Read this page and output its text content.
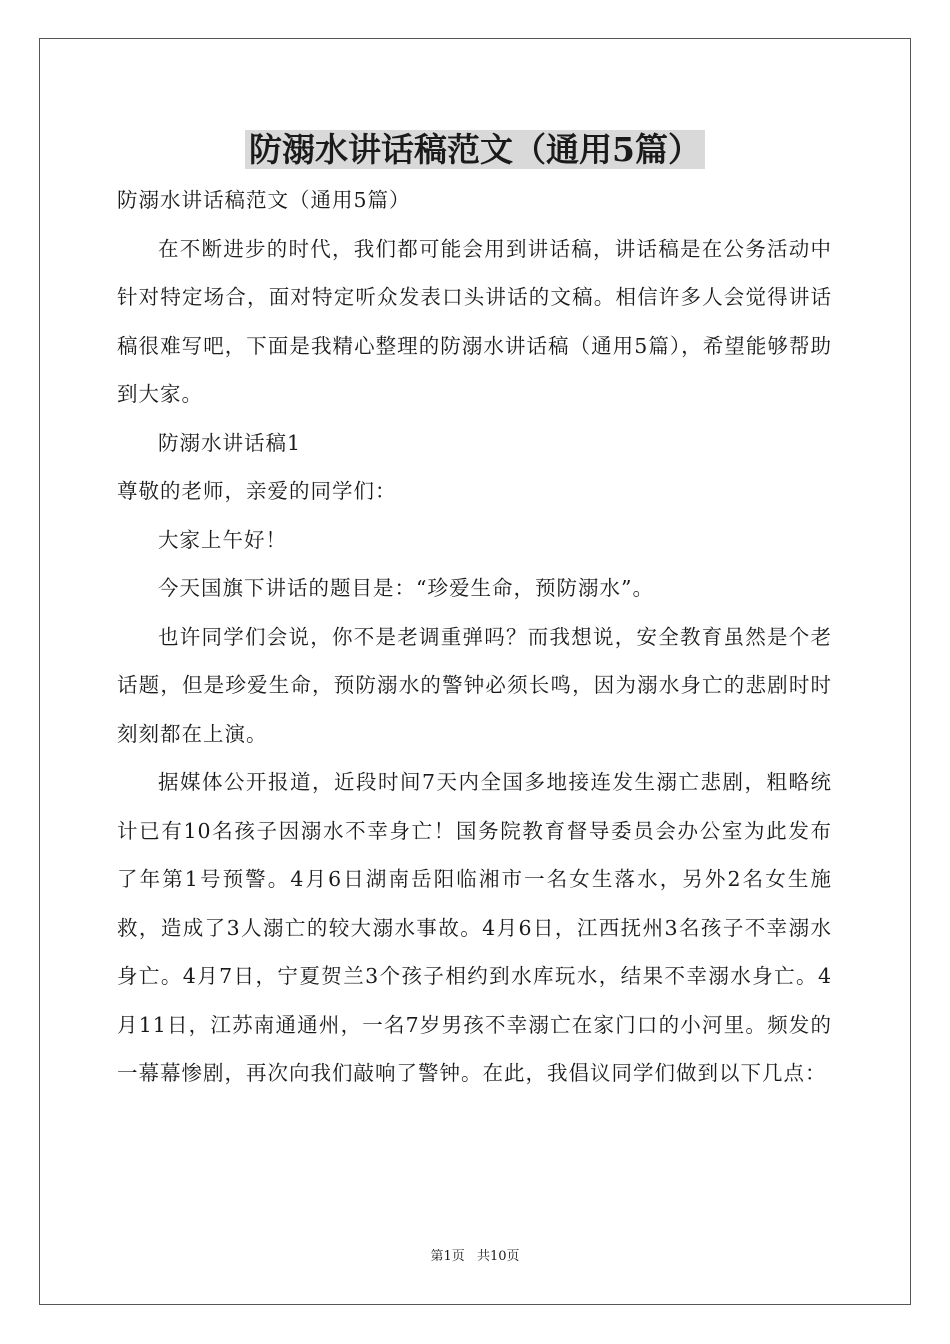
防溺水讲话稿范文（通用5篇）

防溺水讲话稿范文（通用5篇）

在不断进步的时代，我们都可能会用到讲话稿，讲话稿是在公务活动中针对特定场合，面对特定听众发表口头讲话的文稿。相信许多人会觉得讲话稿很难写吧，下面是我精心整理的防溺水讲话稿（通用5篇），希望能够帮助到大家。

防溺水讲话稿1

尊敬的老师，亲爱的同学们：

大家上午好！

今天国旗下讲话的题目是：“珍爱生命，预防溺水”。

也许同学们会说，你不是老调重弹吗？而我想说，安全教育虽然是个老话题，但是珍爱生命，预防溺水的警钟必须长鸣，因为溺水身亡的悲剧时时刻刻都在上演。

据媒体公开报道，近段时间7天内全国多地接连发生溺亡悲剧，粗略统计已有10名孩子因溺水不幸身亡！国务院教育督导委员会办公室为此发布了年第1号预警。4月6日湖南岳阳临湘市一名女生落水，另外2名女生施救，造成了3人溺亡的较大溺水事故。4月6日，江西抚州3名孩子不幸溺水身亡。4月7日，宁夏贺兰3个孩子相约到水库玩水，结果不幸溺水身亡。4月11日，江苏南通通州，一名7岁男孩不幸溺亡在家门口的小河里。频发的一幕幕惨剧，再次向我们敲响了警钟。在此，我倡议同学们做到以下几点：

第1页 共10页
